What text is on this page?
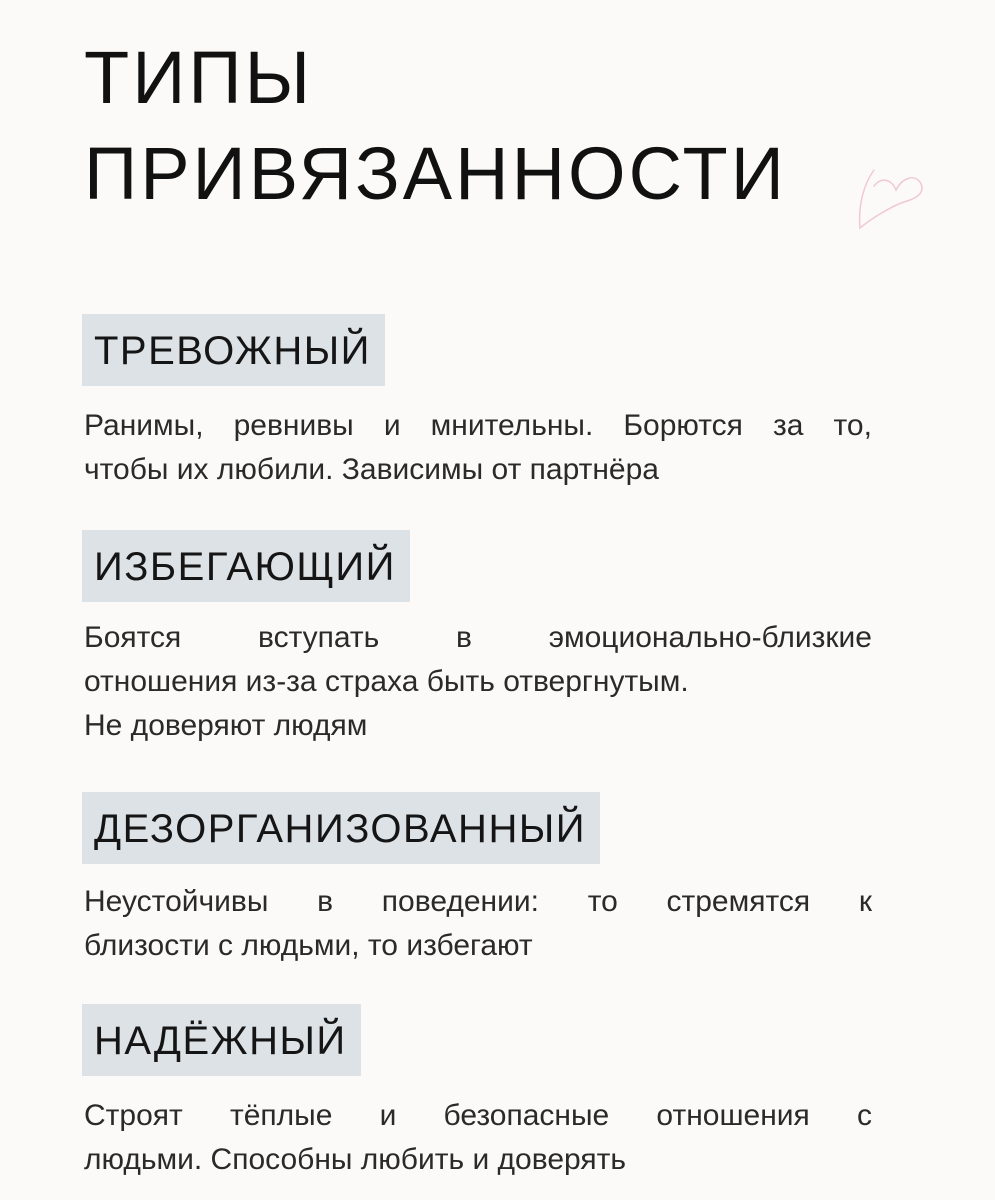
ТИПЫ
ПРИВЯЗАННОСТИ
ТРЕВОЖНЫЙ

Ранимы, ревнивы и мнительны. Борются за то,
чтобы их любили. Зависимы от партнёра

ИЗБЕГАЮЩИЙ

Боятся	вступать	в	эмоционально-близкие
отношения из-за страха быть отвергнутым.
Не доверяют людям

ДЕЗОРГАНИЗОВАННЫЙ

Неустойчивы в поведении: то стремятся к
близости с людьми, то избегают

НАДЁЖНЫЙ

Строят тёплые и безопасные отношения с
людьми. Способны любить и доверять
